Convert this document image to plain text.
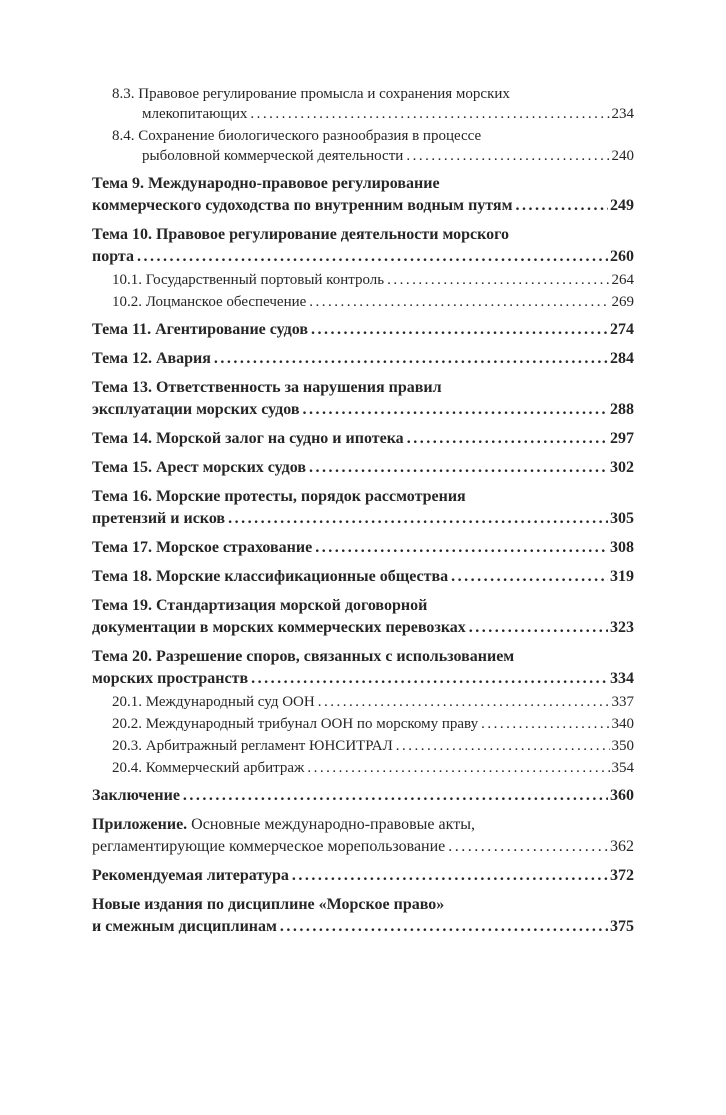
8.3. Правовое регулирование промысла и сохранения морских
млекопитающих .....	234
8.4. Сохранение биологического разнообразия в процессе
рыболовной коммерческой деятельности .....	240
Тема 9. Международно-правовое регулирование
коммерческого судоходства по внутренним водным путям .....	249
Тема 10. Правовое регулирование деятельности морского
порта .....	260
10.1. Государственный портовый контроль .....	264
10.2. Лоцманское обеспечение .....	269
Тема 11. Агентирование судов .....	274
Тема 12. Авария .....	284
Тема 13. Ответственность за нарушения правил
эксплуатации морских судов .....	288
Тема 14. Морской залог на судно и ипотека .....	297
Тема 15. Арест морских судов .....	302
Тема 16. Морские протесты, порядок рассмотрения
претензий и исков .....	305
Тема 17. Морское страхование .....	308
Тема 18. Морские классификационные общества .....	319
Тема 19. Стандартизация морской договорной
документации в морских коммерческих перевозках .....	323
Тема 20. Разрешение споров, связанных с использованием
морских пространств .....	334
20.1. Международный суд ООН .....	337
20.2. Международный трибунал ООН по морскому праву .....	340
20.3. Арбитражный регламент ЮНСИТРАЛ .....	350
20.4. Коммерческий арбитраж .....	354
Заключение .....	360
Приложение. Основные международно-правовые акты,
регламентирующие коммерческое морепользование .....	362
Рекомендуемая литература .....	372
Новые издания по дисциплине «Морское право»
и смежным дисциплинам .....	375
